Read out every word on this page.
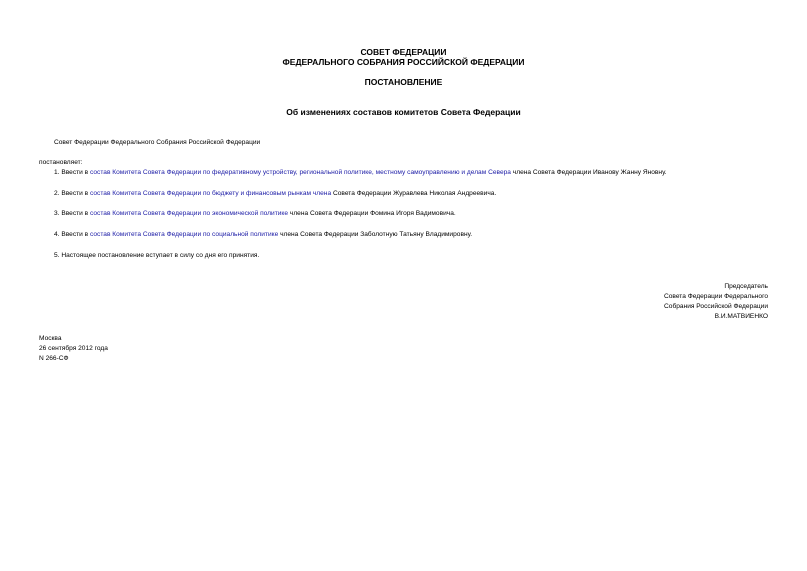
СОВЕТ ФЕДЕРАЦИИ
ФЕДЕРАЛЬНОГО СОБРАНИЯ РОССИЙСКОЙ ФЕДЕРАЦИИ
ПОСТАНОВЛЕНИЕ
Об изменениях составов комитетов Совета Федерации
Совет Федерации Федерального Собрания Российской Федерации
постановляет:
1. Ввести в состав Комитета Совета Федерации по федеративному устройству, региональной политике, местному самоуправлению и делам Севера члена Совета Федерации Иванову Жанну Яновну.
2. Ввести в состав Комитета Совета Федерации по бюджету и финансовым рынкам члена Совета Федерации Журавлева Николая Андреевича.
3. Ввести в состав Комитета Совета Федерации по экономической политике члена Совета Федерации Фомина Игоря Вадимовича.
4. Ввести в состав Комитета Совета Федерации по социальной политике члена Совета Федерации Заболотную Татьяну Владимировну.
5. Настоящее постановление вступает в силу со дня его принятия.
Председатель
Совета Федерации Федерального
Собрания Российской Федерации
В.И.МАТВИЕНКО
Москва
26 сентября 2012 года
N 266-СФ
